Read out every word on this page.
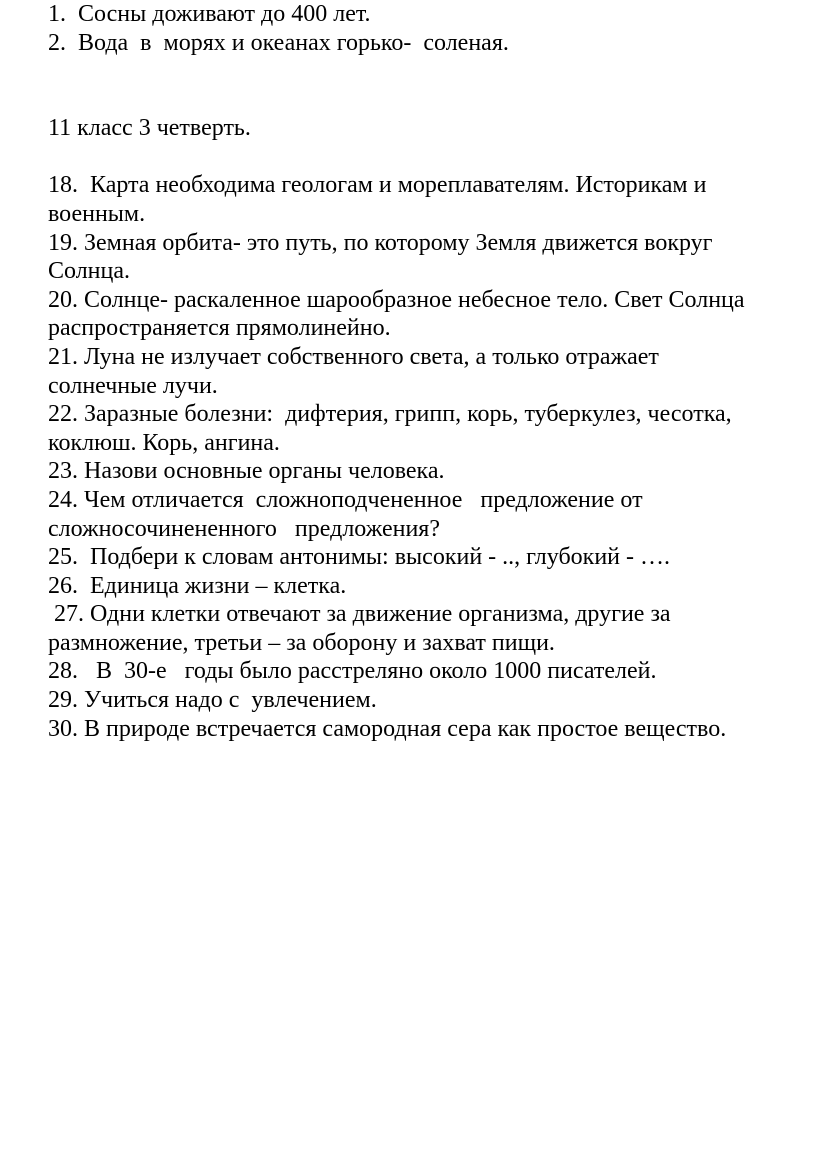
1.  Сосны доживают до 400 лет.
2.  Вода  в  морях и океанах горько-  соленая.
11 класс 3 четверть.
18.  Карта необходима геологам и мореплавателям. Историкам и
военным.
19. Земная орбита- это путь, по которому Земля движется вокруг
Солнца.
20. Солнце- раскаленное шарообразное небесное тело. Свет Солнца
распространяется прямолинейно.
21. Луна не излучает собственного света, а только отражает
солнечные лучи.
22. Заразные болезни:  дифтерия, грипп, корь, туберкулез, чесотка,
коклюш. Корь, ангина.
23. Назови основные органы человека.
24. Чем отличается  сложноподчененное   предложение от
сложносочинененного   предложения?
25.  Подбери к словам антонимы: высокий - .., глубокий - ….
26.  Единица жизни – клетка.
27. Одни клетки отвечают за движение организма, другие за
размножение, третьи – за оборону и захват пищи.
28.   В  30-е   годы было расстреляно около 1000 писателей.
29. Учиться надо с  увлечением.
30. В природе встречается самородная сера как простое вещество.
